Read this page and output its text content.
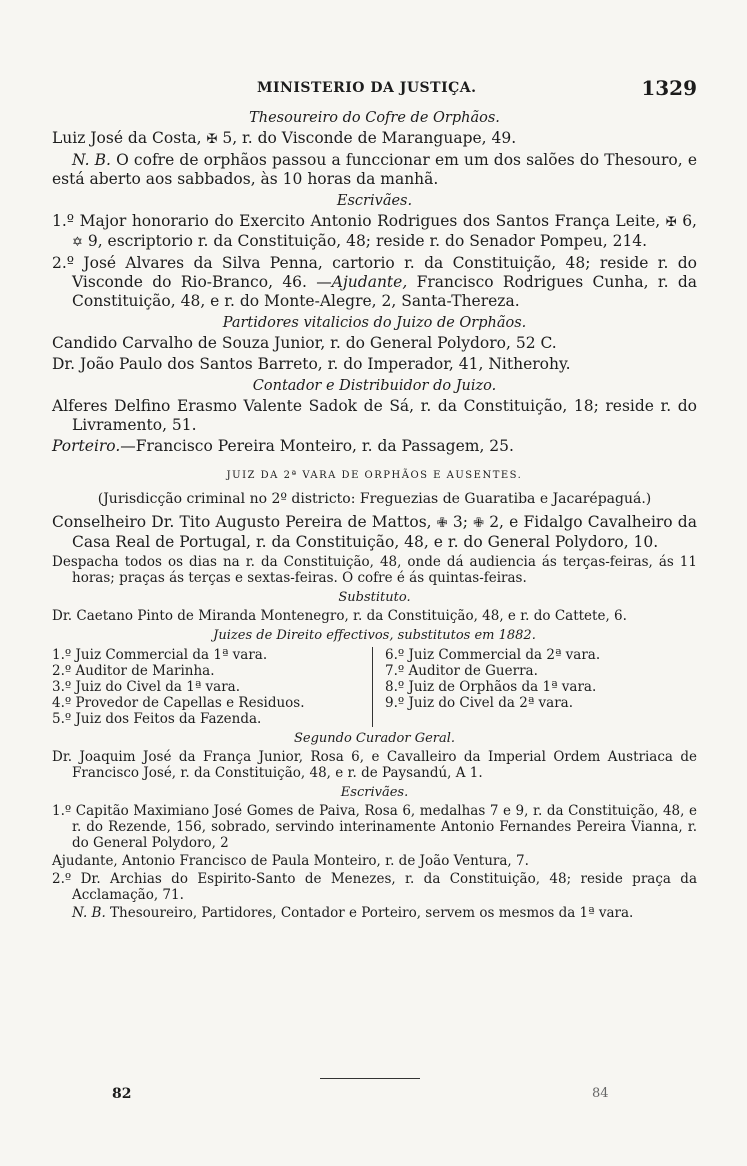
MINISTERIO DA JUSTIÇA.	1329
Thesoureiro do Cofre de Orphãos.

Luiz José da Costa, ✠ 5, r. do Visconde de Maranguape, 49.

N. B. O cofre de orphãos passou a funccionar em um dos salões do Thesouro, e está aberto aos sabbados, às 10 horas da manhã.

Escrivães.

1.º Major honorario do Exercito Antonio Rodrigues dos Santos França Leite, ✠ 6, ✡ 9, escriptorio r. da Constituição, 48; reside r. do Senador Pompeu, 214.

2.º José Alvares da Silva Penna, cartorio r. da Constituição, 48; reside r. do Visconde do Rio-Branco, 46. —Ajudante, Francisco Rodrigues Cunha, r. da Constituição, 48, e r. do Monte-Alegre, 2, Santa-Thereza.

Partidores vitalicios do Juizo de Orphãos.

Candido Carvalho de Souza Junior, r. do General Polydoro, 52 C.

Dr. João Paulo dos Santos Barreto, r. do Imperador, 41, Nitherohy.

Contador e Distribuidor do Juizo.

Alferes Delfino Erasmo Valente Sadok de Sá, r. da Constituição, 18; reside r. do Livramento, 51.

Porteiro.—Francisco Pereira Monteiro, r. da Passagem, 25.

JUIZ DA 2ª VARA DE ORPHÃOS E AUSENTES.
(Jurisdicção criminal no 2º districto: Freguezias de Guaratiba e Jacarépaguá.)

Conselheiro Dr. Tito Augusto Pereira de Mattos, ✙ 3; ✙ 2, e Fidalgo Cavalheiro da Casa Real de Portugal, r. da Constituição, 48, e r. do General Polydoro, 10.

Despacha todos os dias na r. da Constituição, 48, onde dá audiencia ás terças-feiras, ás 11 horas; praças ás terças e sextas-feiras. O cofre é ás quintas-feiras.

Substituto.

Dr. Caetano Pinto de Miranda Montenegro, r. da Constituição, 48, e r. do Cattete, 6.

Juizes de Direito effectivos, substitutos em 1882.
1.º Juiz Commercial da 1ª vara.
2.º Auditor de Marinha.
3.º Juiz do Civel da 1ª vara.
4.º Provedor de Capellas e Residuos.
5.º Juiz dos Feitos da Fazenda.
6.º Juiz Commercial da 2ª vara.
7.º Auditor de Guerra.
8.º Juiz de Orphãos da 1ª vara.
9.º Juiz do Civel da 2ª vara.
Segundo Curador Geral.

Dr. Joaquim José da França Junior, Rosa 6, e Cavalleiro da Imperial Ordem Austriaca de Francisco José, r. da Constituição, 48, e r. de Paysandú, A 1.

Escrivães.

1.º Capitão Maximiano José Gomes de Paiva, Rosa 6, medalhas 7 e 9, r. da Constituição, 48, e r. do Rezende, 156, sobrado, servindo interinamente Antonio Fernandes Pereira Vianna, r. do General Polydoro, 2

Ajudante, Antonio Francisco de Paula Monteiro, r. de João Ventura, 7.

2.º Dr. Archias do Espirito-Santo de Menezes, r. da Constituição, 48; reside praça da Acclamação, 71.

N. B. Thesoureiro, Partidores, Contador e Porteiro, servem os mesmos da 1ª vara.

82	84
